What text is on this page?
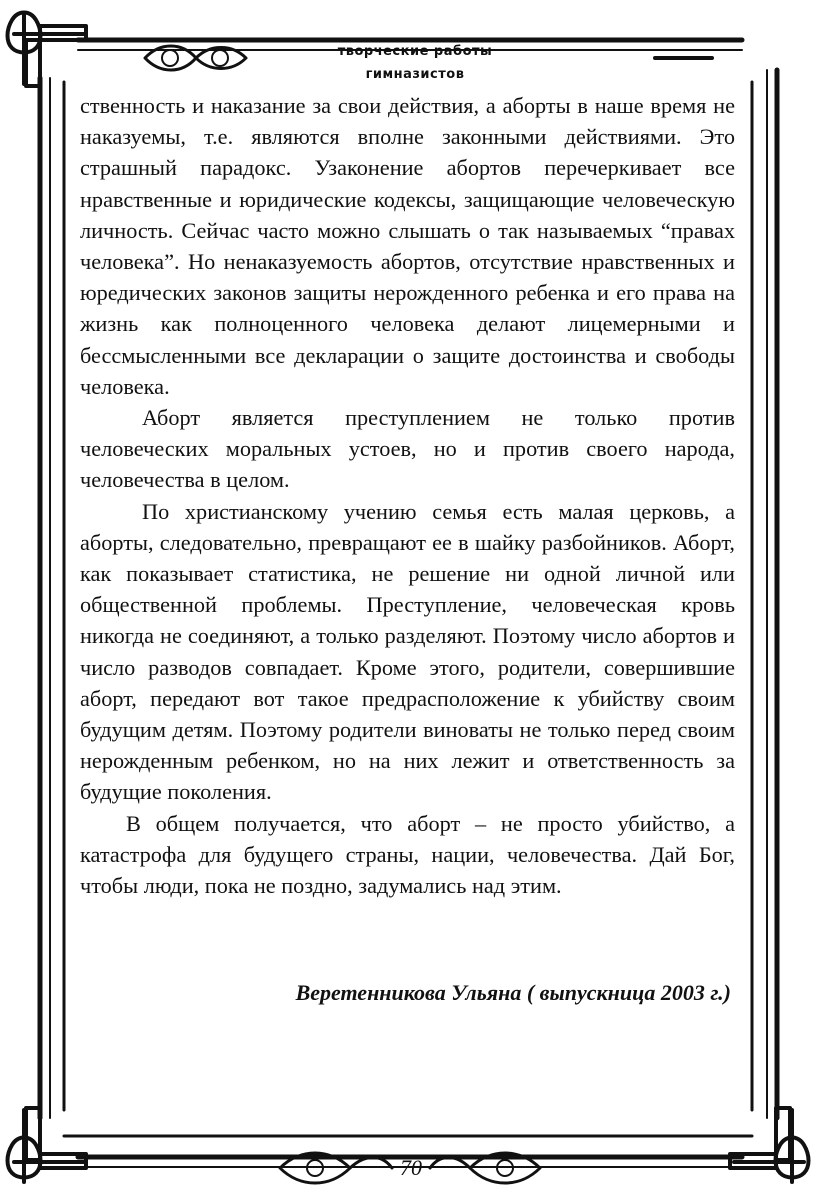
творческие работы
гимназистов

ственность и наказание за свои действия, а аборты в наше время не наказуемы, т.е. являются вполне законными действиями. Это страшный парадокс. Узаконение абортов перечеркивает все нравственные и юридические кодексы, защищающие человеческую личность. Сейчас часто можно слышать о так называемых “правах человека”. Но ненаказуемость абортов, отсутствие нравственных и юредических законов защиты нерожденного ребенка и его права на жизнь как полноценного человека делают лицемерными и бессмысленными все декларации о защите достоинства и свободы человека.

Аборт является преступлением не только против человеческих моральных устоев, но и против своего народа, человечества в целом.

По христианскому учению семья есть малая церковь, а аборты, следовательно, превращают ее в шайку разбойников. Аборт, как показывает статистика, не решение ни одной личной или общественной проблемы. Преступление, человеческая кровь никогда не соединяют, а только разделяют. Поэтому число абортов и число разводов совпадает. Кроме этого, родители, совершившие аборт, передают вот такое предрасположение к убийству своим будущим детям. Поэтому родители виноваты не только перед своим нерожденным ребенком, но на них лежит и ответственность за будущие поколения.

В общем получается, что аборт – не просто убийство, а катастрофа для будущего страны, нации, человечества. Дай Бог, чтобы люди, пока не поздно, задумались над этим.

Веретенникова Ульяна ( выпускница 2003 г.)
70
